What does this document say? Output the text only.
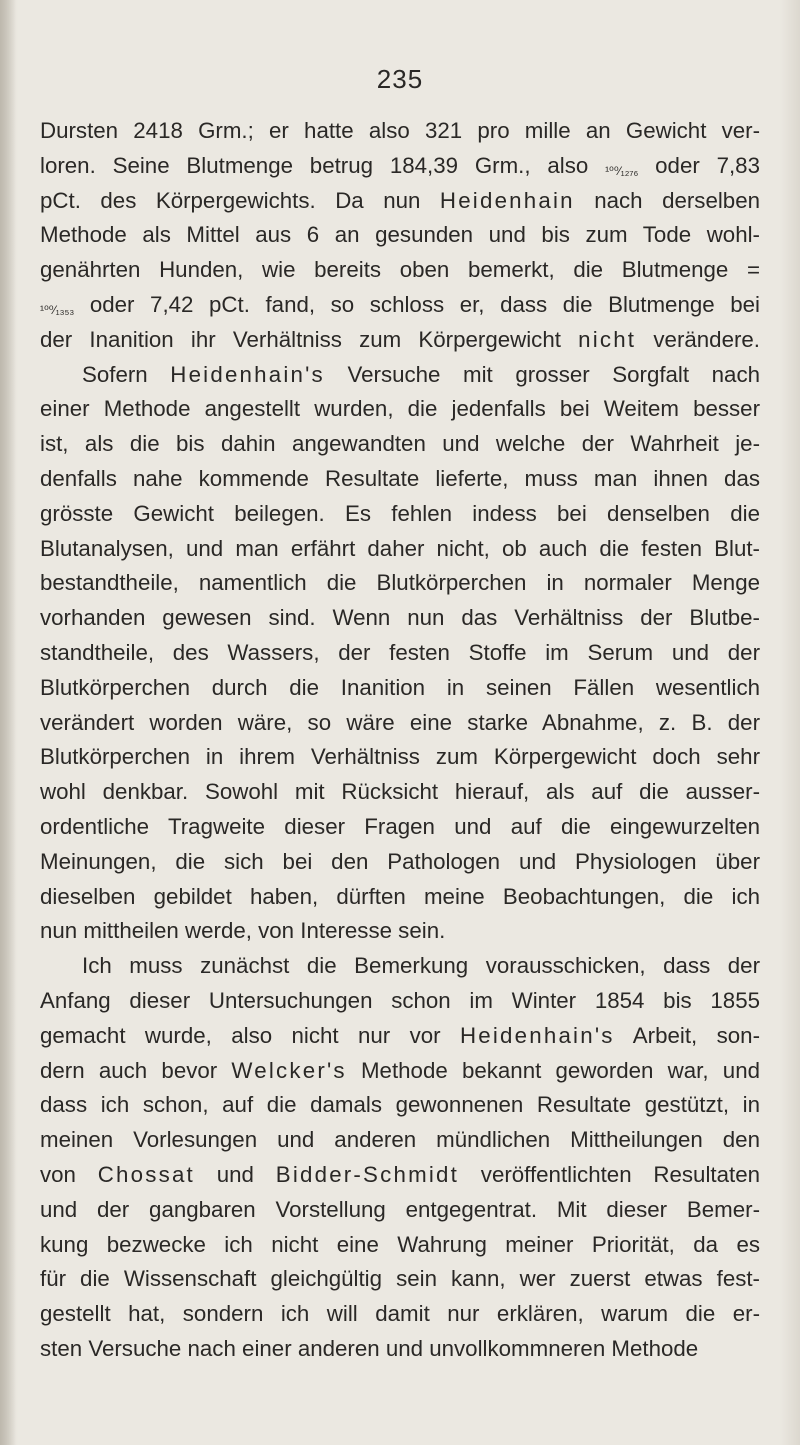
235
Dursten 2418 Grm.; er hatte also 321 pro mille an Gewicht ver-
loren. Seine Blutmenge betrug 184,39 Grm., also ¹⁰⁰⁄₁₂₇₆ oder 7,83
pCt. des Körpergewichts. Da nun Heidenhain nach derselben
Methode als Mittel aus 6 an gesunden und bis zum Tode wohl-
genährten Hunden, wie bereits oben bemerkt, die Blutmenge =
¹⁰⁰⁄₁₃₅₃ oder 7,42 pCt. fand, so schloss er, dass die Blutmenge bei
der Inanition ihr Verhältniss zum Körpergewicht nicht verändere.
Sofern Heidenhain's Versuche mit grosser Sorgfalt nach
einer Methode angestellt wurden, die jedenfalls bei Weitem besser
ist, als die bis dahin angewandten und welche der Wahrheit je-
denfalls nahe kommende Resultate lieferte, muss man ihnen das
grösste Gewicht beilegen. Es fehlen indess bei denselben die
Blutanalysen, und man erfährt daher nicht, ob auch die festen Blut-
bestandtheile, namentlich die Blutkörperchen in normaler Menge
vorhanden gewesen sind. Wenn nun das Verhältniss der Blutbe-
standtheile, des Wassers, der festen Stoffe im Serum und der
Blutkörperchen durch die Inanition in seinen Fällen wesentlich
verändert worden wäre, so wäre eine starke Abnahme, z. B. der
Blutkörperchen in ihrem Verhältniss zum Körpergewicht doch sehr
wohl denkbar. Sowohl mit Rücksicht hierauf, als auf die ausser-
ordentliche Tragweite dieser Fragen und auf die eingewurzelten
Meinungen, die sich bei den Pathologen und Physiologen über
dieselben gebildet haben, dürften meine Beobachtungen, die ich
nun mittheilen werde, von Interesse sein.
Ich muss zunächst die Bemerkung vorausschicken, dass der
Anfang dieser Untersuchungen schon im Winter 1854 bis 1855
gemacht wurde, also nicht nur vor Heidenhain's Arbeit, son-
dern auch bevor Welcker's Methode bekannt geworden war, und
dass ich schon, auf die damals gewonnenen Resultate gestützt, in
meinen Vorlesungen und anderen mündlichen Mittheilungen den
von Chossat und Bidder-Schmidt veröffentlichten Resultaten
und der gangbaren Vorstellung entgegentrat. Mit dieser Bemer-
kung bezwecke ich nicht eine Wahrung meiner Priorität, da es
für die Wissenschaft gleichgültig sein kann, wer zuerst etwas fest-
gestellt hat, sondern ich will damit nur erklären, warum die er-
sten Versuche nach einer anderen und unvollkommneren Methode
